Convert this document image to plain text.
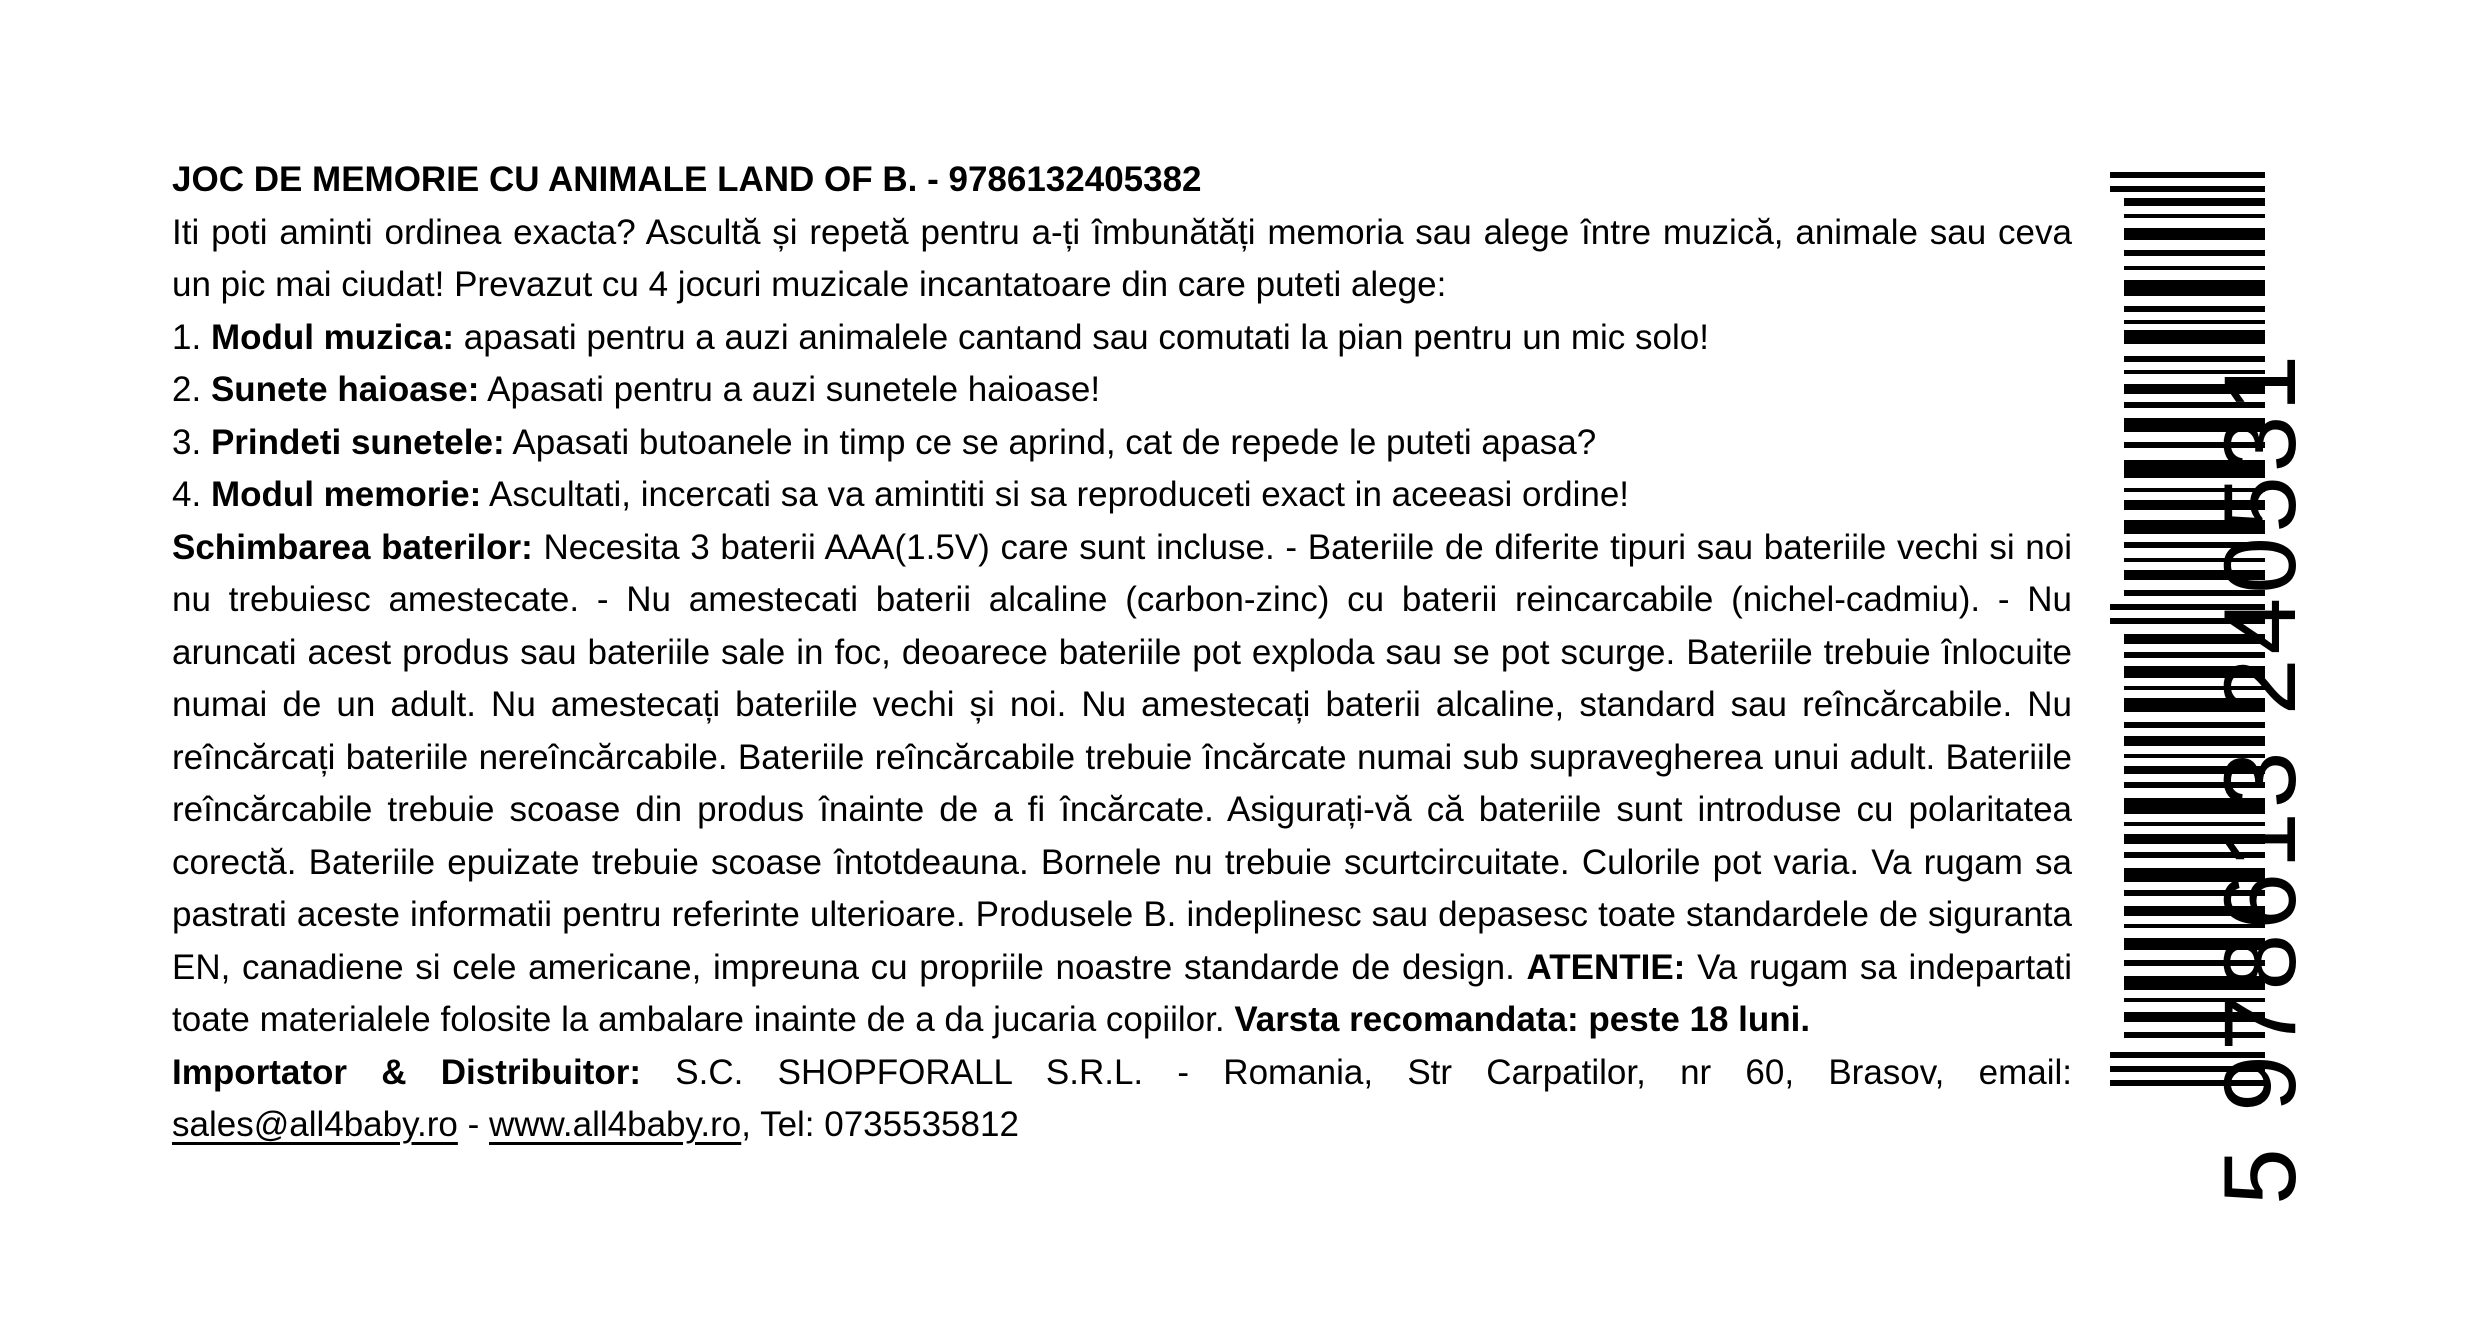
JOC DE MEMORIE CU ANIMALE LAND OF B. - 9786132405382

Iti poti aminti ordinea exacta? Ascultă și repetă pentru a-ți îmbunătăți memoria sau alege între muzică, animale sau ceva un pic mai ciudat! Prevazut cu 4 jocuri muzicale incantatoare din care puteti alege:

1. Modul muzica: apasati pentru a auzi animalele cantand sau comutati la pian pentru un mic solo!

2. Sunete haioase: Apasati pentru a auzi sunetele haioase!

3. Prindeti sunetele: Apasati butoanele in timp ce se aprind, cat de repede le puteti apasa?

4. Modul memorie: Ascultati, incercati sa va amintiti si sa reproduceti exact in aceeasi ordine!

Schimbarea baterilor: Necesita 3 baterii AAA(1.5V) care sunt incluse. - Bateriile de diferite tipuri sau bateriile vechi si noi nu trebuiesc amestecate. - Nu amestecati baterii alcaline (carbon-zinc) cu baterii reincarcabile (nichel-cadmiu). - Nu aruncati acest produs sau bateriile sale in foc, deoarece bateriile pot exploda sau se pot scurge. Bateriile trebuie înlocuite numai de un adult. Nu amestecați bateriile vechi și noi. Nu amestecați baterii alcaline, standard sau reîncărcabile. Nu reîncărcați bateriile nereîncărcabile. Bateriile reîncărcabile trebuie încărcate numai sub supravegherea unui adult. Bateriile reîncărcabile trebuie scoase din produs înainte de a fi încărcate. Asigurați-vă că bateriile sunt introduse cu polaritatea corectă. Bateriile epuizate trebuie scoase întotdeauna. Bornele nu trebuie scurtcircuitate. Culorile pot varia. Va rugam sa pastrati aceste informatii pentru referinte ulterioare. Produsele B. indeplinesc sau depasesc toate standardele de siguranta EN, canadiene si cele americane, impreuna cu propriile noastre standarde de design. ATENTIE: Va rugam sa indepartati toate materialele folosite la ambalare inainte de a da jucaria copiilor. Varsta recomandata: peste 18 luni.

Importator & Distribuitor: S.C. SHOPFORALL S.R.L. - Romania, Str Carpatilor, nr 60, Brasov, email:

sales@all4baby.ro - www.all4baby.ro, Tel: 0735535812	5 978613 240531
